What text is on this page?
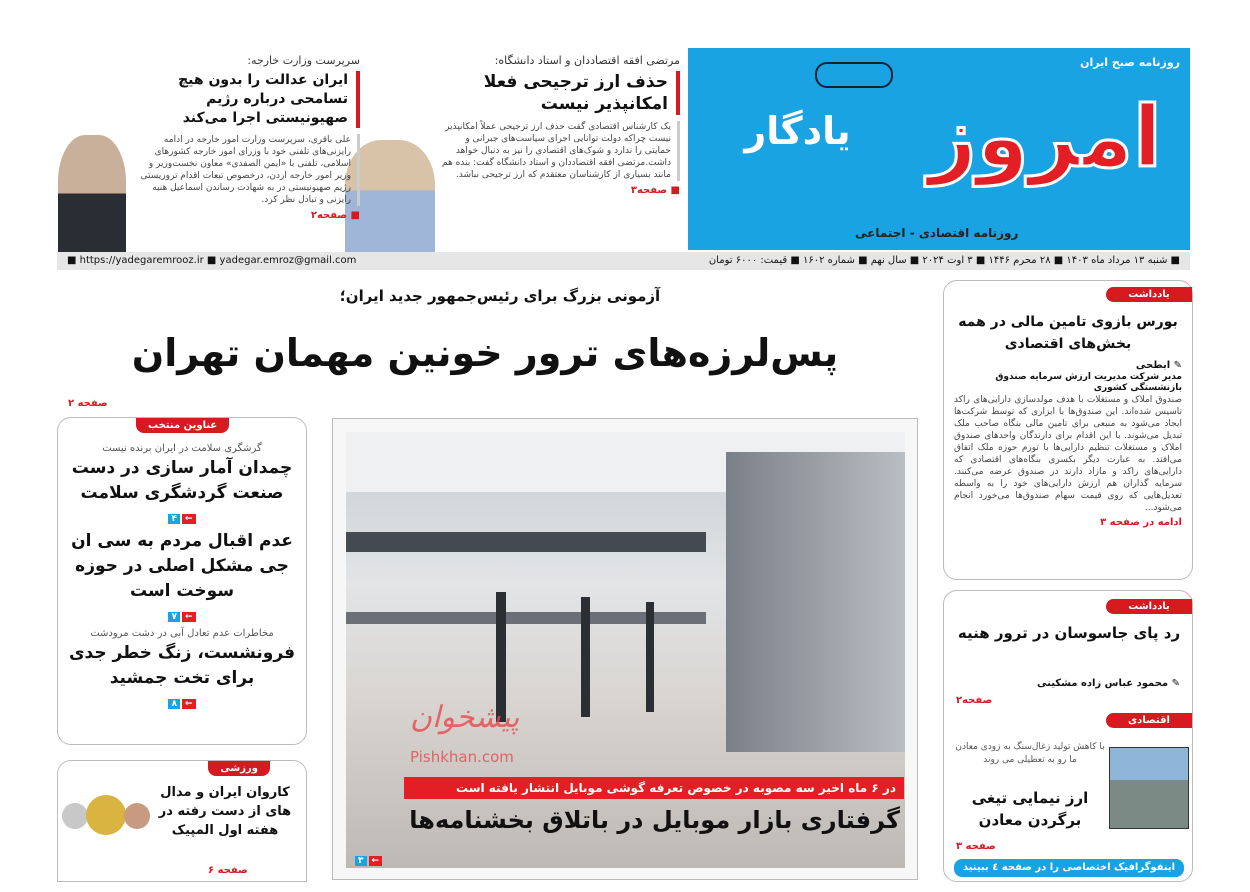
روزنامه صبح ایران
یادگار امروز
روزنامه اقتصادی - اجتماعی
■ شنبه ۱۳ مرداد ماه ۱۴۰۳ ■ ۲۸ محرم ۱۴۴۶ ■ ۳ اوت ۲۰۲۴ ■ سال نهم ■ شماره ۱۶۰۲ ■ قیمت: ۶۰۰۰ تومان
■ https://yadegaremrooz.ir ■ yadegar.emroz@gmail.com
مرتضی افقه اقتصاددان و استاد دانشگاه:
حذف ارز ترجیحی فعلا امکانپذیر نیست
یک کارشناس اقتصادی گفت حذف ارز ترجیحی عملاً امکانپذیر نیست چراکه دولت توانایی اجرای سیاست‌های جبرانی و حمایتی را ندارد و شوک‌های اقتصادی را نیز به دنبال خواهد داشت.مرتضی افقه اقتصاددان و استاد دانشگاه گفت: بنده هم مانند بسیاری از کارشناسان معتقدم که ارز ترجیحی نباشد.
■ صفحه۳
سرپرست وزارت خارجه:
ایران عدالت را بدون هیچ تسامحی درباره رژیم صهیونیستی اجرا می‌کند
علی باقری، سرپرست وزارت امور خارجه در ادامه رایزنی‌های تلفنی خود با وزرای امور خارجه کشورهای اسلامی، تلفنی با «ایمن الصفدی» معاون نخست‌وزیر و وزیر امور خارجه اردن، درخصوص تبعات اقدام تروریستی رژیم صهیونیستی در به شهادت رساندن اسماعیل هنیه رایزنی و تبادل نظر کرد.
■ صفحه۲
آزمونی بزرگ برای رئیس‌جمهور جدید ایران؛
پس‌لرزه‌های ترور خونین مهمان تهران
صفحه ۲
عناوین منتخب
گرشگری سلامت در ایران برنده نیست
چمدان آمار سازی در دست صنعت گردشگری سلامت
۴ ←
عدم اقبال مردم به سی ان جی مشکل اصلی در حوزه سوخت است
۷ ←
مخاطرات عدم تعادل آبی در دشت مرودشت
فرونشست، زنگ خطر جدی برای تخت جمشید
۸ ←
ورزشی
کاروان ایران و مدال های از دست رفته در هفته اول المپیک
صفحه ۶
پیشخوان
Pishkhan.com
در ۶ ماه اخیر سه مصوبه در خصوص تعرفه گوشی موبایل انتشار یافته است
گرفتاری بازار موبایل در باتلاق بخشنامه‌ها
۳ ←
یادداشت
بورس بازوی تامین مالی در همه بخش‌های اقتصادی
✎ ابطحی
مدیر شرکت مدیریت ارزش سرمایه صندوق بازنشستگی کشوری
صندوق املاک و مستغلات با هدف مولدسازی دارایی‌های راکد تاسیس شده‌اند. این صندوق‌ها با ابزاری که توسط شرکت‌ها ایجاد می‌شود به منبعی برای تامین مالی بنگاه صاحب ملک تبدیل می‌شوند. با این اقدام برای دارندگان واحدهای صندوق املاک و مستغلات تنظیم دارایی‌ها با تورم حوزه ملک اتفاق می‌افتد. به عبارت دیگر بکسری بنگاه‌های اقتصادی که دارایی‌های راکد و مازاد دارند در صندوق عرضه می‌کنند. سرمایه گذاران هم ارزش دارایی‌های خود را به واسطه تعدیل‌هایی که روی قیمت سهام صندوق‌ها می‌خورد انجام می‌شود...
ادامه در صفحه ۳
یادداشت
رد پای جاسوسان در ترور هنیه
✎ محمود عباس زاده مشکینی
صفحه۲
اقتصادی
با کاهش تولید زغال‌سنگ به زودی معادن ما رو به تعطیلی می روند
ارز نیمایی تیغی برگردن معادن
صفحه ۳
اینفوگرافیک اختصاصی را در صفحه ٤ ببینید
